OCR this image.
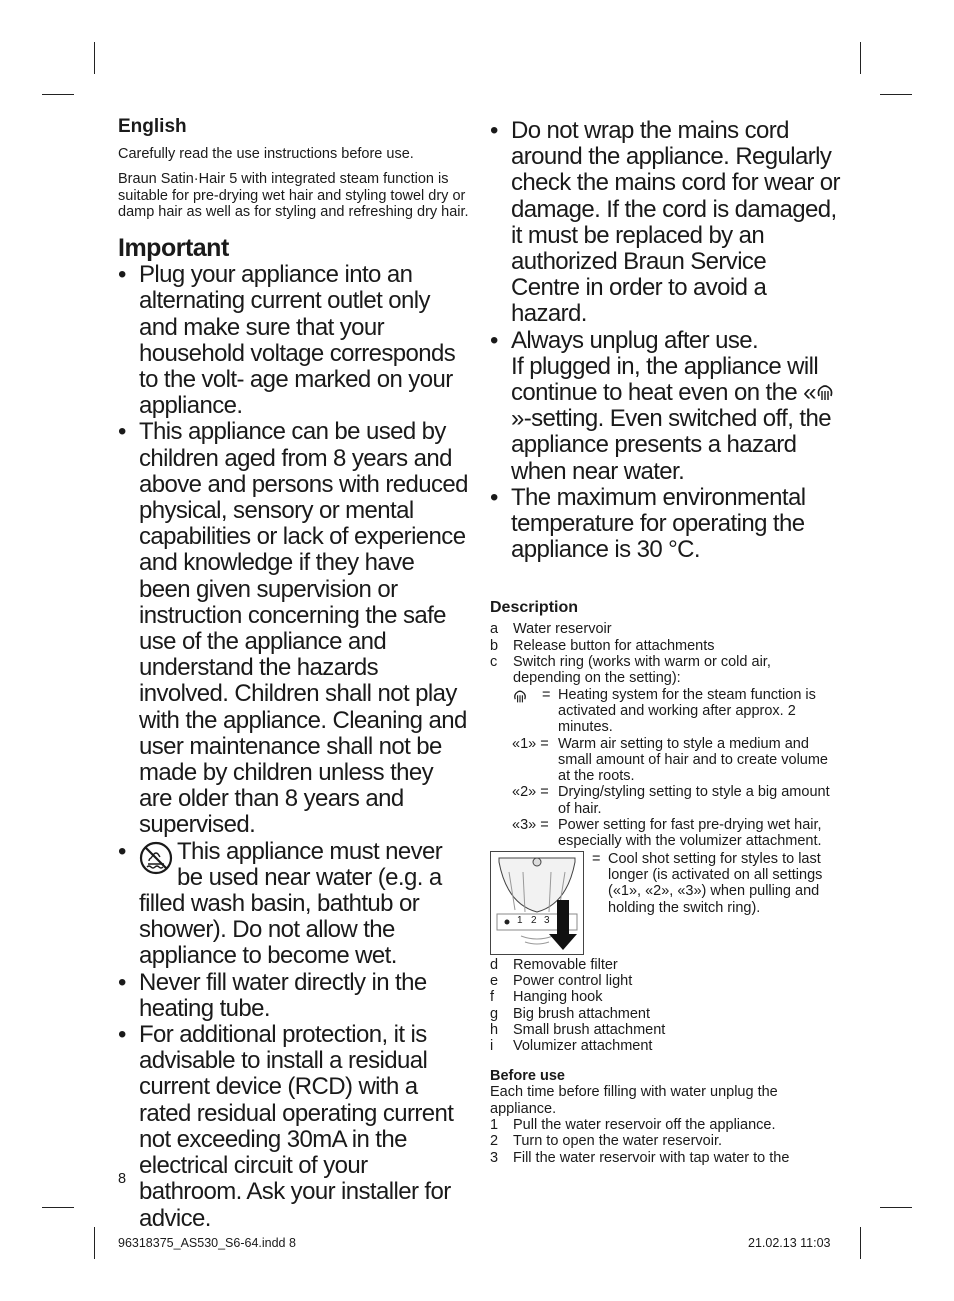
English

Carefully read the use instructions before use.

Braun Satin·Hair 5 with integrated steam function is suitable for pre-drying wet hair and styling towel dry or damp hair as well as for styling and refreshing dry hair.

Important
• Plug your appliance into an alternating current outlet only and make sure that your household voltage corresponds to the volt- age marked on your appliance.
• This appliance can be used by children aged from 8 years and above and persons with reduced physical, sensory or mental capabilities or lack of experience and knowledge if they have been given supervision or instruction concerning the safe use of the appliance and understand the hazards involved. Children shall not play with the appliance. Cleaning and user maintenance shall not be made by children unless they are older than 8 years and supervised.
• This appliance must never be used near water (e.g. a filled wash basin, bathtub or shower). Do not allow the appliance to become wet.
• Never fill water directly in the heating tube.
• For additional protection, it is advisable to install a residual current device (RCD) with a rated residual operating current not exceeding 30mA in the electrical circuit of your bathroom. Ask your installer for advice.
• Do not wrap the mains cord around the appliance. Regularly check the mains cord for wear or damage. If the cord is damaged, it must be replaced by an authorized Braun Service Centre in order to avoid a hazard.
• Always unplug after use.
If plugged in, the appliance will continue to heat even on the «»-setting. Even switched off, the appliance presents a hazard when near water.
• The maximum environmental temperature for operating the appliance is 30 °C.
Description
a Water reservoir
b Release button for attachments
c Switch ring (works with warm or cold air, depending on the setting):
= Heating system for the steam function is activated and working after approx. 2 minutes.
«1» = Warm air setting to style a medium and small amount of hair and to create volume at the roots.
«2» = Drying/styling setting to style a big amount of hair.
«3» = Power setting for fast pre-drying wet hair, especially with the volumizer attachment.
1 2 3
= Cool shot setting for styles to last longer (is activated on all settings («1», «2», «3») when pulling and holding the switch ring).
d Removable filter
e Power control light
f Hanging hook
g Big brush attachment
h Small brush attachment
i Volumizer attachment
Before use
Each time before filling with water unplug the appliance.
1 Pull the water reservoir off the appliance.
2 Turn to open the water reservoir.
3 Fill the water reservoir with tap water to the
8
96318375_AS530_S6-64.indd 8	21.02.13 11:03
